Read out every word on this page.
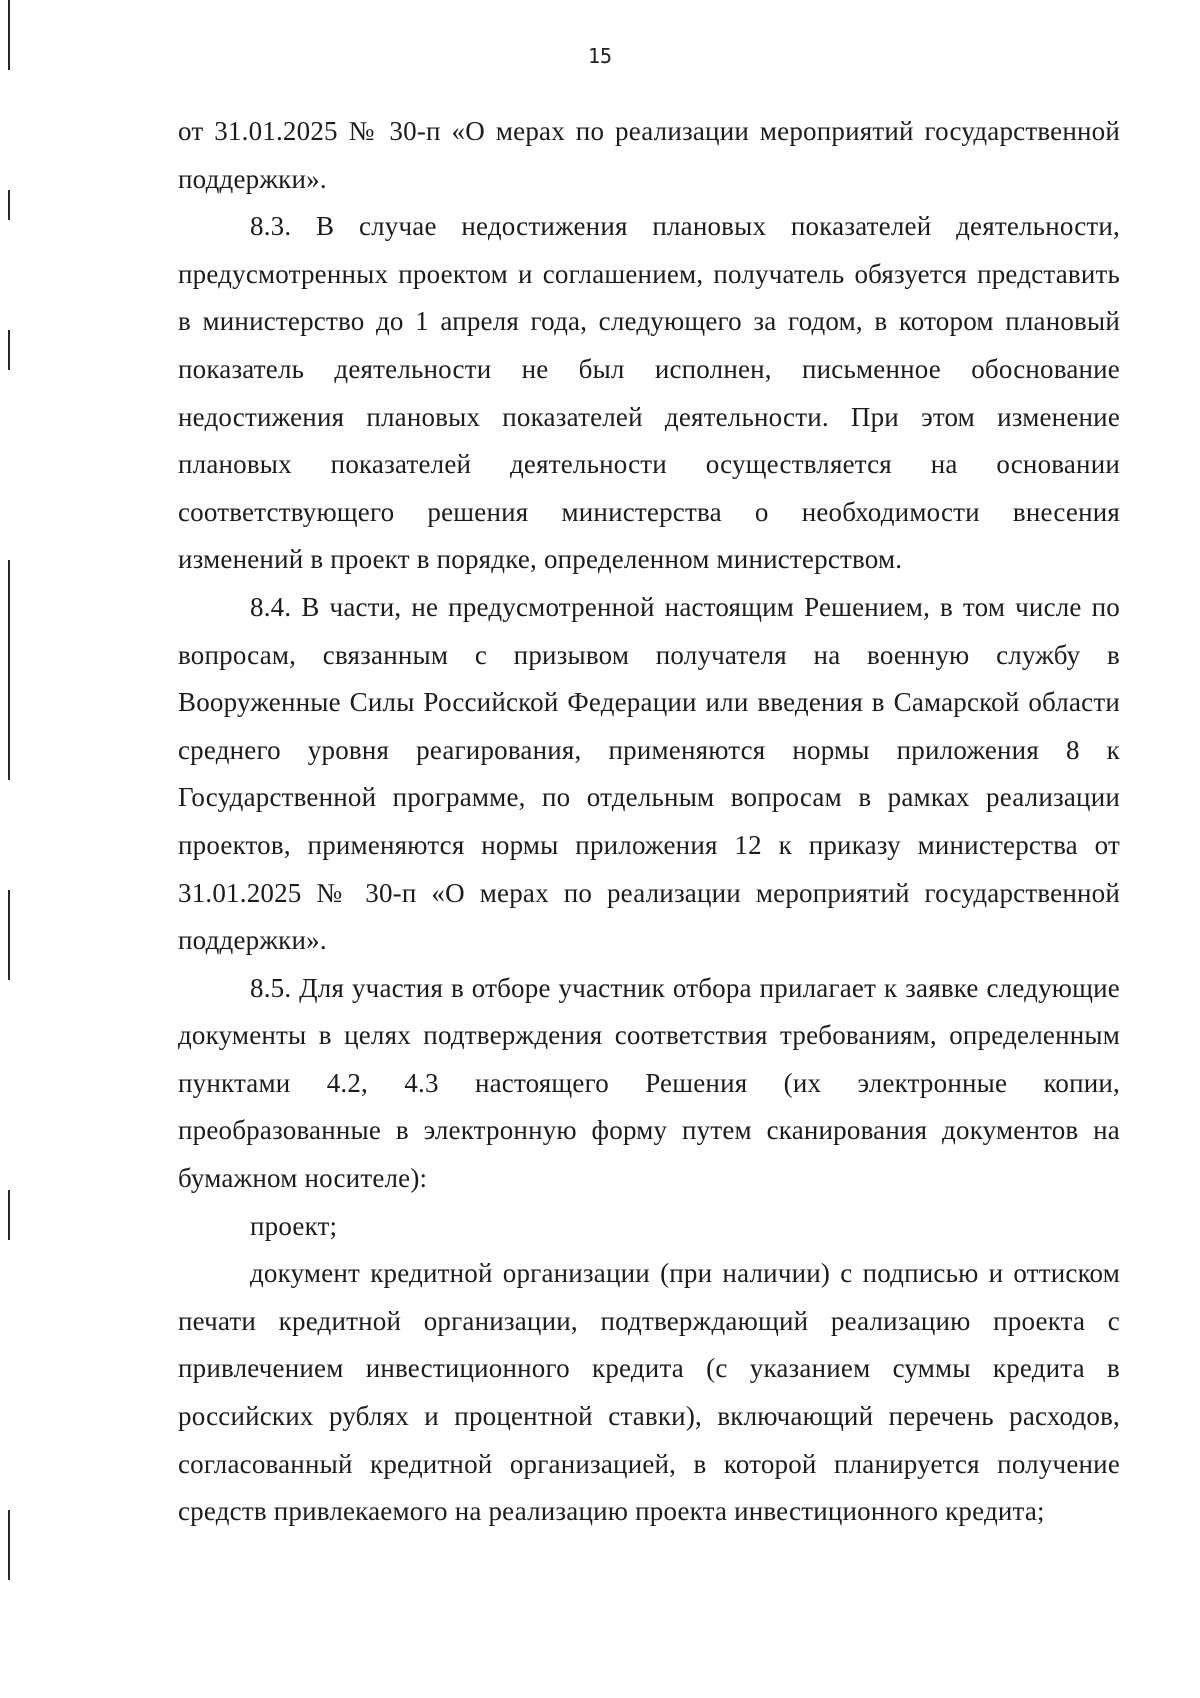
15

от 31.01.2025 № 30-п «О мерах по реализации мероприятий государственной поддержки».

8.3. В случае недостижения плановых показателей деятельности, предусмотренных проектом и соглашением, получатель обязуется представить в министерство до 1 апреля года, следующего за годом, в котором плановый показатель деятельности не был исполнен, письменное обоснование недостижения плановых показателей деятельности. При этом изменение плановых показателей деятельности осуществляется на основании соответствующего решения министерства о необходимости внесения изменений в проект в порядке, определенном министерством.

8.4. В части, не предусмотренной настоящим Решением, в том числе по вопросам, связанным с призывом получателя на военную службу в Вооруженные Силы Российской Федерации или введения в Самарской области среднего уровня реагирования, применяются нормы приложения 8 к Государственной программе, по отдельным вопросам в рамках реализации проектов, применяются нормы приложения 12 к приказу министерства от 31.01.2025 № 30-п «О мерах по реализации мероприятий государственной поддержки».

8.5. Для участия в отборе участник отбора прилагает к заявке следующие документы в целях подтверждения соответствия требованиям, определенным пунктами 4.2, 4.3 настоящего Решения (их электронные копии, преобразованные в электронную форму путем сканирования документов на бумажном носителе):

проект;

документ кредитной организации (при наличии) с подписью и оттиском печати кредитной организации, подтверждающий реализацию проекта с привлечением инвестиционного кредита (с указанием суммы кредита в российских рублях и процентной ставки), включающий перечень расходов, согласованный кредитной организацией, в которой планируется получение средств привлекаемого на реализацию проекта инвестиционного кредита;
